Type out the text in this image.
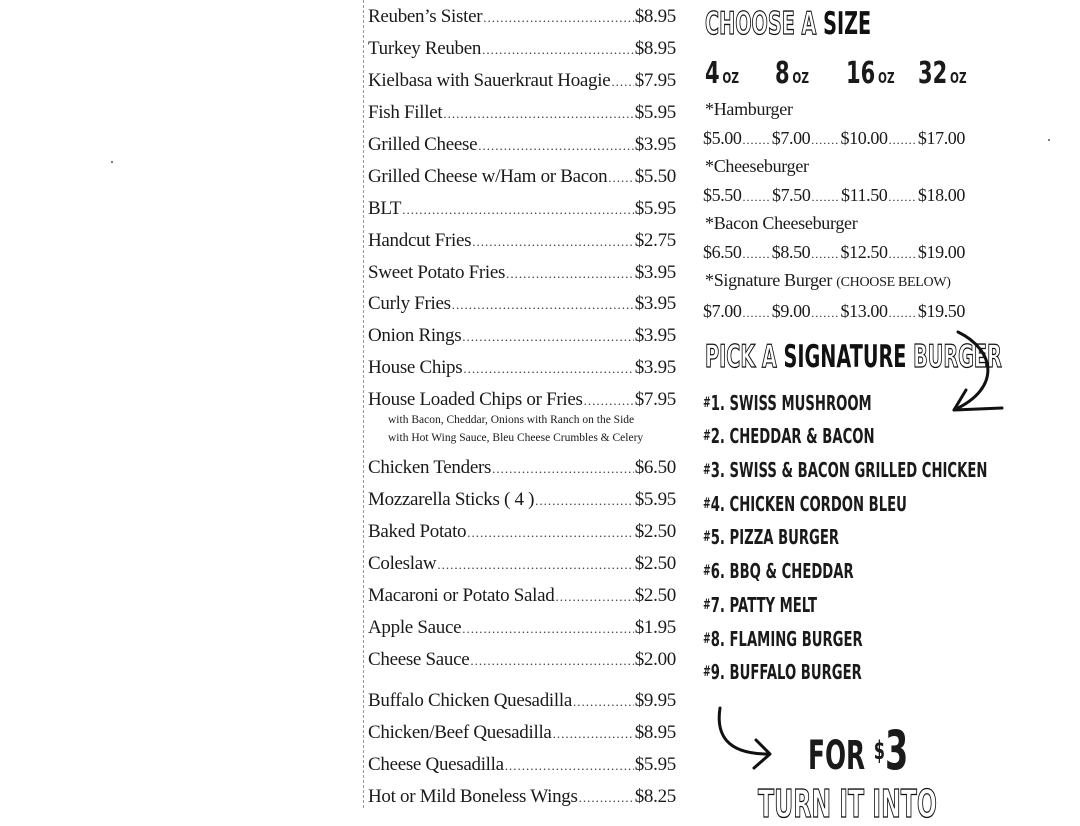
Reuben’s Sister .....	$8.95
Turkey Reuben .....	$8.95
Kielbasa with Sauerkraut Hoagie ..... $7.95
Fish Fillet .....	$5.95
Grilled Cheese .....	$3.95
Grilled Cheese w/Ham or Bacon ..... $5.50
BLT .....	$5.95
Handcut Fries .....	$2.75
Sweet Potato Fries .....	$3.95
Curly Fries .....	$3.95
Onion Rings .....	$3.95
House Chips .....	$3.95
House Loaded Chips or Fries .....	$7.95
with Bacon, Cheddar, Onions with Ranch on the Side
with Hot Wing Sauce, Bleu Cheese Crumbles & Celery
Chicken Tenders .....	$6.50
Mozzarella Sticks ( 4 ) .....	$5.95
Baked Potato .....	$2.50
Coleslaw .....	$2.50
Macaroni or Potato Salad .....	$2.50
Apple Sauce .....	$1.95
Cheese Sauce .....	$2.00
Buffalo Chicken Quesadilla .....	$9.95
Chicken/Beef Quesadilla .....	$8.95
Cheese Quesadilla .....	$5.95
Hot or Mild Boneless Wings .....	$8.25
CHOOSE A SIZE
4 OZ 8 OZ 16 OZ 32 OZ
*Hamburger
$5.00 ..... $7.00 ..... $10.00 ..... $17.00
*Cheeseburger
$5.50 ..... $7.50 ..... $11.50 ..... $18.00
*Bacon Cheeseburger
$6.50 ..... $8.50 ..... $12.50 ..... $19.00
*Signature Burger (CHOOSE BELOW)
$7.00 ..... $9.00 ..... $13.00 ..... $19.50
PICK A SIGNATURE BURGER
#1. SWISS MUSHROOM
#2. CHEDDAR & BACON
#3. SWISS & BACON GRILLED CHICKEN
#4. CHICKEN CORDON BLEU
#5. PIZZA BURGER
#6. BBQ & CHEDDAR
#7. PATTY MELT
#8. FLAMING BURGER
#9. BUFFALO BURGER
FOR $3
TURN IT INTO
